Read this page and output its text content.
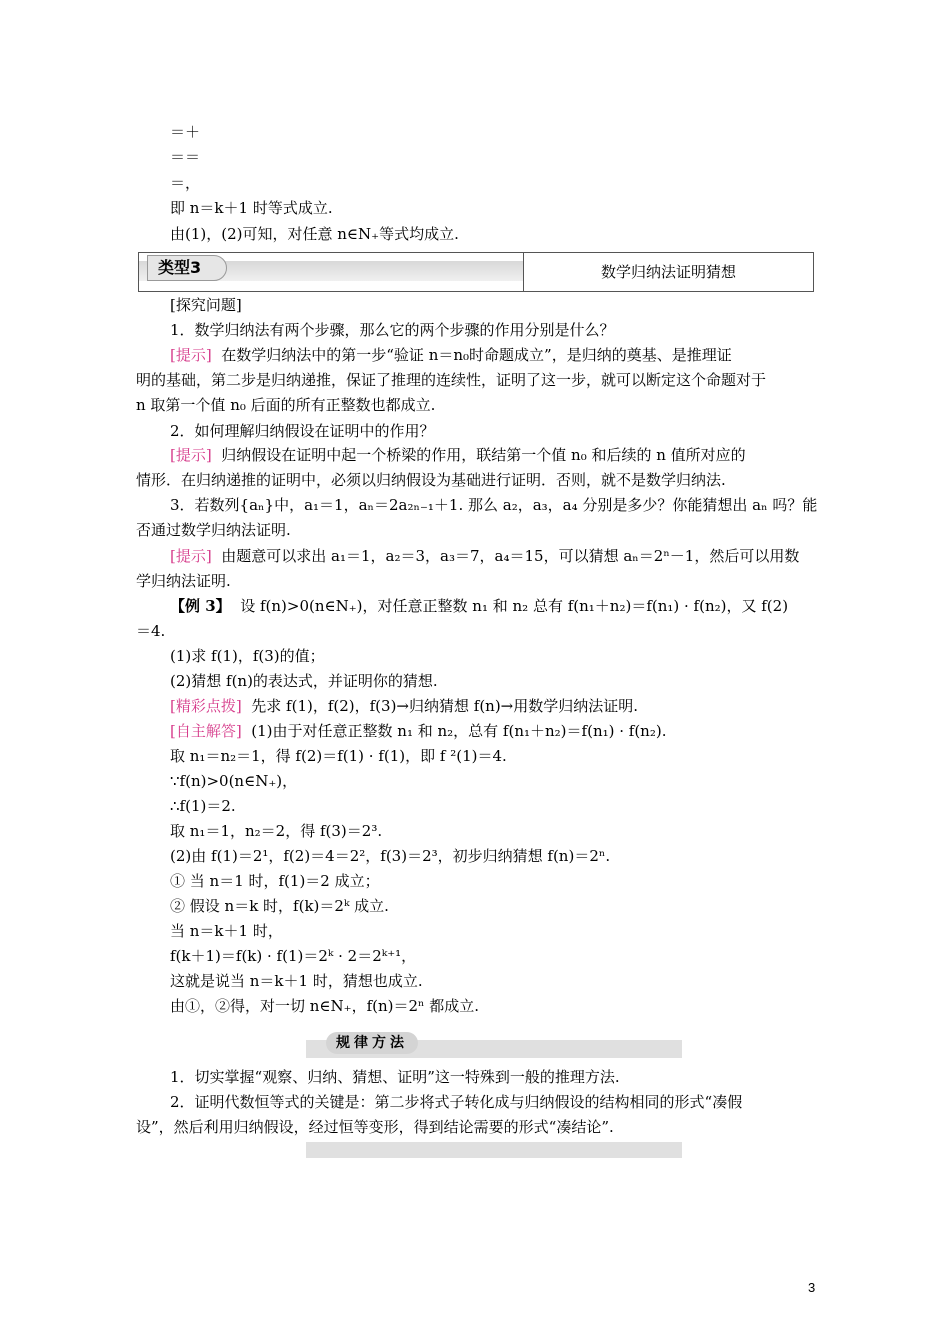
＝＋
＝＝
＝，
即 n＝k＋1 时等式成立.
由(1)，(2)可知，对任意 n∈N₊等式均成立.
类型3	数学归纳法证明猜想
[探究问题]
1．数学归纳法有两个步骤，那么它的两个步骤的作用分别是什么？
[提示] 在数学归纳法中的第一步“验证 n＝n₀时命题成立”，是归纳的奠基、是推理证
明的基础，第二步是归纳递推，保证了推理的连续性，证明了这一步，就可以断定这个命题对于
n 取第一个值 n₀ 后面的所有正整数也都成立.
2．如何理解归纳假设在证明中的作用？
[提示] 归纳假设在证明中起一个桥梁的作用，联结第一个值 n₀ 和后续的 n 值所对应的
情形．在归纳递推的证明中，必须以归纳假设为基础进行证明．否则，就不是数学归纳法.
3．若数列{aₙ}中，a₁＝1，aₙ＝2a₂ₙ₋₁＋1. 那么 a₂，a₃，a₄ 分别是多少？你能猜想出 aₙ 吗？能
否通过数学归纳法证明.
[提示] 由题意可以求出 a₁＝1，a₂＝3，a₃＝7，a₄＝15，可以猜想 aₙ＝2ⁿ－1，然后可以用数
学归纳法证明.
【例 3】 设 f(n)>0(n∈N₊)，对任意正整数 n₁ 和 n₂ 总有 f(n₁＋n₂)＝f(n₁) · f(n₂)，又 f(2)
＝4.
(1)求 f(1)，f(3)的值；
(2)猜想 f(n)的表达式，并证明你的猜想.
[精彩点拨] 先求 f(1)，f(2)，f(3)→归纳猜想 f(n)→用数学归纳法证明.
[自主解答] (1)由于对任意正整数 n₁ 和 n₂，总有 f(n₁＋n₂)＝f(n₁) · f(n₂).
取 n₁＝n₂＝1，得 f(2)＝f(1) · f(1)，即 f ²(1)＝4.
∵f(n)>0(n∈N₊)，
∴f(1)＝2.
取 n₁＝1，n₂＝2，得 f(3)＝2³.
(2)由 f(1)＝2¹，f(2)＝4＝2²，f(3)＝2³，初步归纳猜想 f(n)＝2ⁿ.
① 当 n＝1 时，f(1)＝2 成立；
② 假设 n＝k 时，f(k)＝2ᵏ 成立.
当 n＝k＋1 时，
f(k＋1)＝f(k) · f(1)＝2ᵏ · 2＝2ᵏ⁺¹，
这就是说当 n＝k＋1 时，猜想也成立.
由①，②得，对一切 n∈N₊，f(n)＝2ⁿ 都成立.
规律方法
1．切实掌握“观察、归纳、猜想、证明”这一特殊到一般的推理方法.
2．证明代数恒等式的关键是：第二步将式子转化成与归纳假设的结构相同的形式“凑假
设”，然后利用归纳假设，经过恒等变形，得到结论需要的形式“凑结论”.
3
